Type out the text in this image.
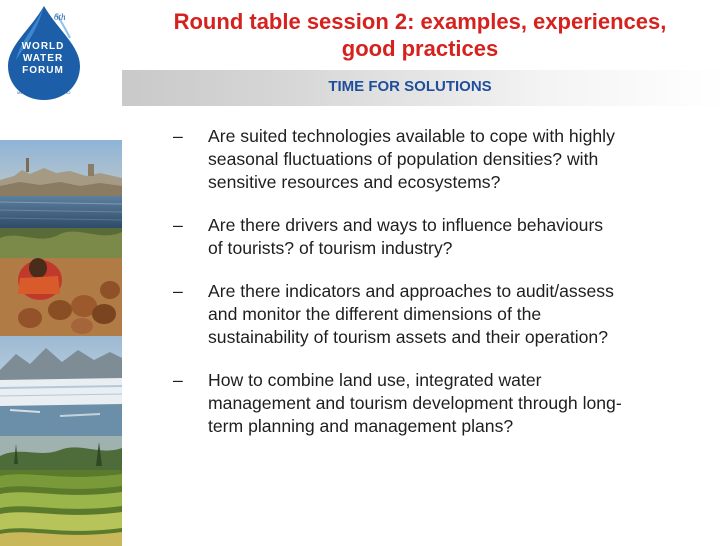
6th
WORLD
WATER
FORUM
MARSEILLE, FRANCE ’12
Round table session 2: examples, experiences,
good practices
TIME FOR SOLUTIONS
– Are suited technologies available to cope with highly
seasonal fluctuations of population densities? with
sensitive resources and ecosystems?
– Are there drivers and ways to influence behaviours
of tourists? of tourism industry?
– Are there indicators and approaches to audit/assess
and monitor the different dimensions of the
sustainability of tourism assets and their operation?
– How to combine land use, integrated water
management and tourism development through long-
term planning and management plans?
